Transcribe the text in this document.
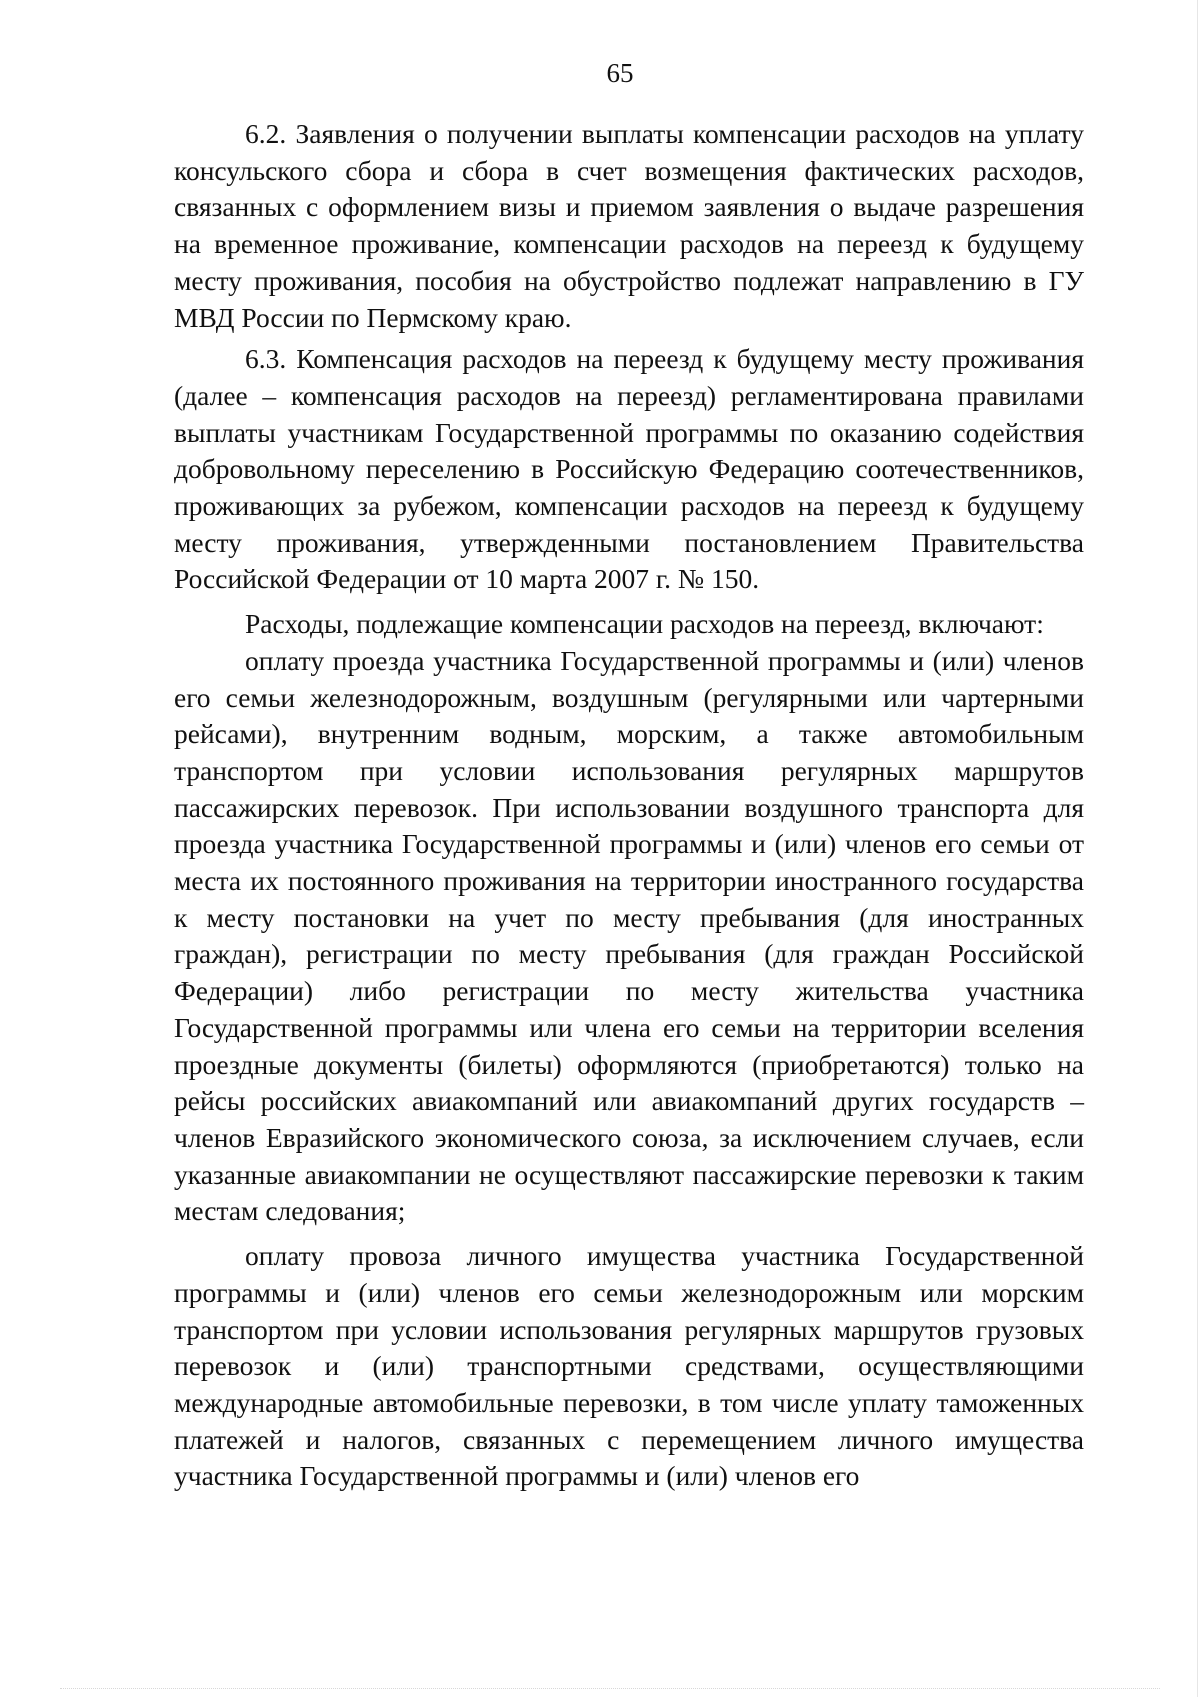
65

6.2. Заявления о получении выплаты компенсации расходов на уплату консульского сбора и сбора в счет возмещения фактических расходов, связанных с оформлением визы и приемом заявления о выдаче разрешения на временное проживание, компенсации расходов на переезд к будущему месту проживания, пособия на обустройство подлежат направлению в ГУ МВД России по Пермскому краю.

6.3. Компенсация расходов на переезд к будущему месту проживания (далее – компенсация расходов на переезд) регламентирована правилами выплаты участникам Государственной программы по оказанию содействия добровольному переселению в Российскую Федерацию соотечественников, проживающих за рубежом, компенсации расходов на переезд к будущему месту проживания, утвержденными постановлением Правительства Российской Федерации от 10 марта 2007 г. № 150.

Расходы, подлежащие компенсации расходов на переезд, включают:

оплату проезда участника Государственной программы и (или) членов его семьи железнодорожным, воздушным (регулярными или чартерными рейсами), внутренним водным, морским, а также автомобильным транспортом при условии использования регулярных маршрутов пассажирских перевозок. При использовании воздушного транспорта для проезда участника Государственной программы и (или) членов его семьи от места их постоянного проживания на территории иностранного государства к месту постановки на учет по месту пребывания (для иностранных граждан), регистрации по месту пребывания (для граждан Российской Федерации) либо регистрации по месту жительства участника Государственной программы или члена его семьи на территории вселения проездные документы (билеты) оформляются (приобретаются) только на рейсы российских авиакомпаний или авиакомпаний других государств – членов Евразийского экономического союза, за исключением случаев, если указанные авиакомпании не осуществляют пассажирские перевозки к таким местам следования;

оплату провоза личного имущества участника Государственной программы и (или) членов его семьи железнодорожным или морским транспортом при условии использования регулярных маршрутов грузовых перевозок и (или) транспортными средствами, осуществляющими международные автомобильные перевозки, в том числе уплату таможенных платежей и налогов, связанных с перемещением личного имущества участника Государственной программы и (или) членов его
